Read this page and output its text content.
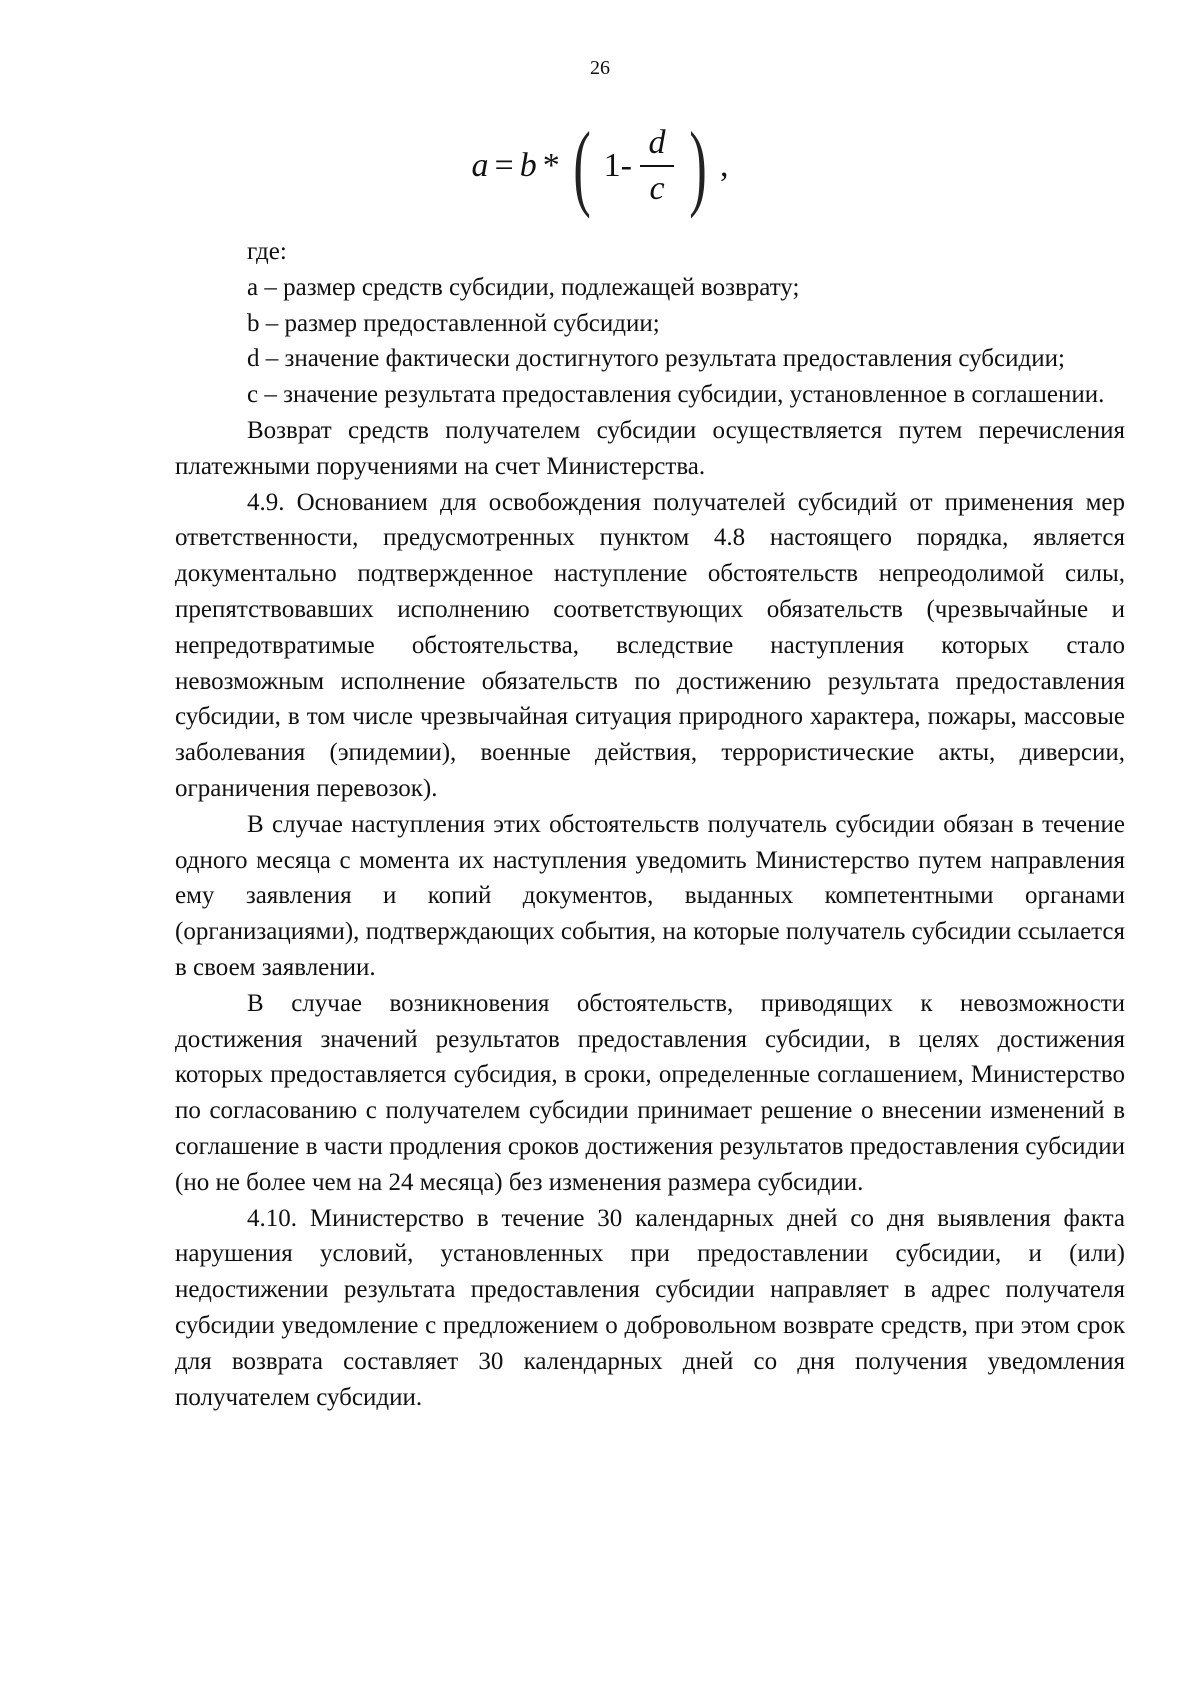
26
a = b * ( $1- \frac{d}{c}$ ) ,

где:

а – размер средств субсидии, подлежащей возврату;

b – размер предоставленной субсидии;

d – значение фактически достигнутого результата предоставления субсидии;

c – значение результата предоставления субсидии, установленное в соглашении.

Возврат средств получателем субсидии осуществляется путем перечисления платежными поручениями на счет Министерства.

4.9. Основанием для освобождения получателей субсидий от применения мер ответственности, предусмотренных пунктом 4.8 настоящего порядка, является документально подтвержденное наступление обстоятельств непреодолимой силы, препятствовавших исполнению соответствующих обязательств (чрезвычайные и непредотвратимые обстоятельства, вследствие наступления которых стало невозможным исполнение обязательств по достижению результата предоставления субсидии, в том числе чрезвычайная ситуация природного характера, пожары, массовые заболевания (эпидемии), военные действия, террористические акты, диверсии, ограничения перевозок).

В случае наступления этих обстоятельств получатель субсидии обязан в течение одного месяца с момента их наступления уведомить Министерство путем направления ему заявления и копий документов, выданных компетентными органами (организациями), подтверждающих события, на которые получатель субсидии ссылается в своем заявлении.

В случае возникновения обстоятельств, приводящих к невозможности достижения значений результатов предоставления субсидии, в целях достижения которых предоставляется субсидия, в сроки, определенные соглашением, Министерство по согласованию с получателем субсидии принимает решение о внесении изменений в соглашение в части продления сроков достижения результатов предоставления субсидии (но не более чем на 24 месяца) без изменения размера субсидии.

4.10. Министерство в течение 30 календарных дней со дня выявления факта нарушения условий, установленных при предоставлении субсидии, и (или) недостижении результата предоставления субсидии направляет в адрес получателя субсидии уведомление с предложением о добровольном возврате средств, при этом срок для возврата составляет 30 календарных дней со дня получения уведомления получателем субсидии.
